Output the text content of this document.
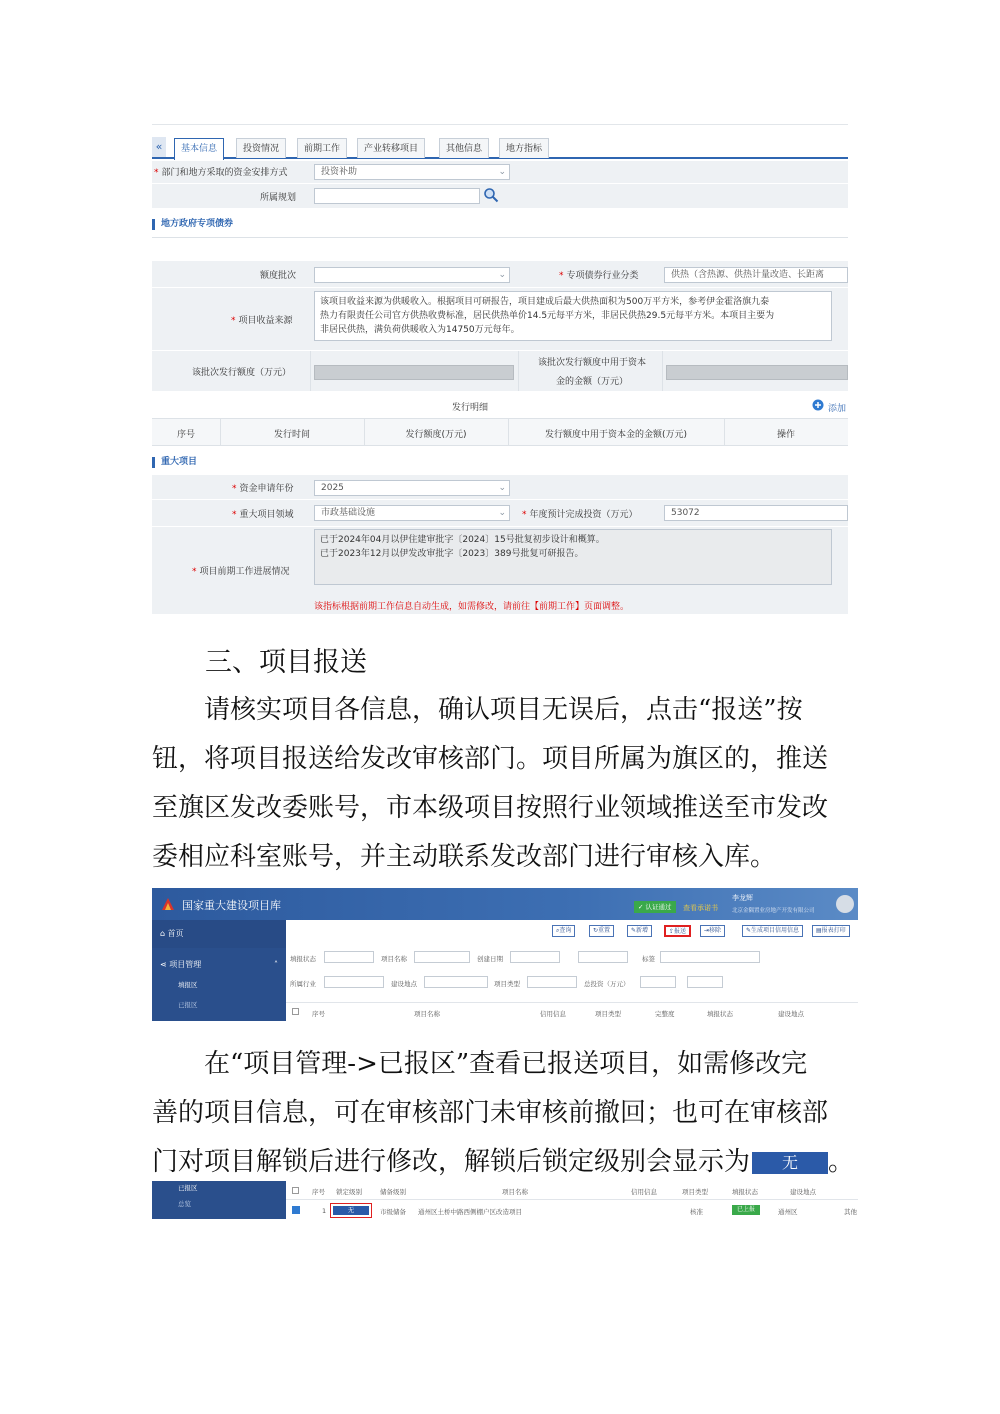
«	基本信息	投资情况	前期工作	产业转移项目	其他信息	地方指标
* 部门和地方采取的资金安排方式	投资补助	⌄
所属规划
地方政府专项债券
额度批次	⌄	* 专项债券行业分类	供热（含热源、供热计量改造、长距离
* 项目收益来源
该项目收益来源为供暖收入。根据项目可研报告，项目建成后最大供热面积为500万平方米，参考伊金霍洛旗九泰
热力有限责任公司官方供热收费标准，居民供热单价14.5元每平方米，非居民供热29.5元每平方米。本项目主要为
非居民供热，满负荷供暖收入为14750万元每年。
该批次发行额度（万元）
该批次发行额度中用于资本
金的金额（万元）
发行明细	添加
序号	发行时间	发行额度(万元)	发行额度中用于资本金的金额(万元)	操作
重大项目
* 资金申请年份	2025	⌄
* 重大项目领域	市政基础设施	⌄ * 年度预计完成投资（万元）	53072
* 项目前期工作进展情况
已于2024年04月以伊住建审批字〔2024〕15号批复初步设计和概算。
已于2023年12月以伊发改审批字〔2023〕389号批复可研报告。
该指标根据前期工作信息自动生成，如需修改，请前往【前期工作】页面调整。
三、项目报送
请核实项目各信息，确认项目无误后，点击“报送”按
钮，将项目报送给发改审核部门。项目所属为旗区的，推送
至旗区发改委账号，市本级项目按照行业领域推送至市发改
委相应科室账号，并主动联系发改部门进行审核入库。
国家重大建设项目库	✓ 认证通过	查看承诺书
李龙辉
北京金隅置业房地产开发有限公司
⌂ 首页
⋖ 项目管理	˄
填报区
已报区
⌕查询	↻重置	✎新增	⇪报送	⇥移除	✎生成项目信用信息	▤报表打印
填报状态	项目名称	创建日期	标签
所属行业	建设地点	项目类型	总投资（万元）
序号	项目名称	信用信息	项目类型	完整度	填报状态	建设地点
在“项目管理->已报区”查看已报送项目，如需修改完
善的项目信息，可在审核部门未审核前撤回；也可在审核部
门对项目解锁后进行修改，解锁后锁定级别会显示为 无 。
已报区
总览
序号 锁定级别	储备级别	项目名称	信用信息	项目类型	填报状态	建设地点
1	无	市级储备 通州区土桥中路西侧棚户区改造项目	核准	已上报	通州区	其他
